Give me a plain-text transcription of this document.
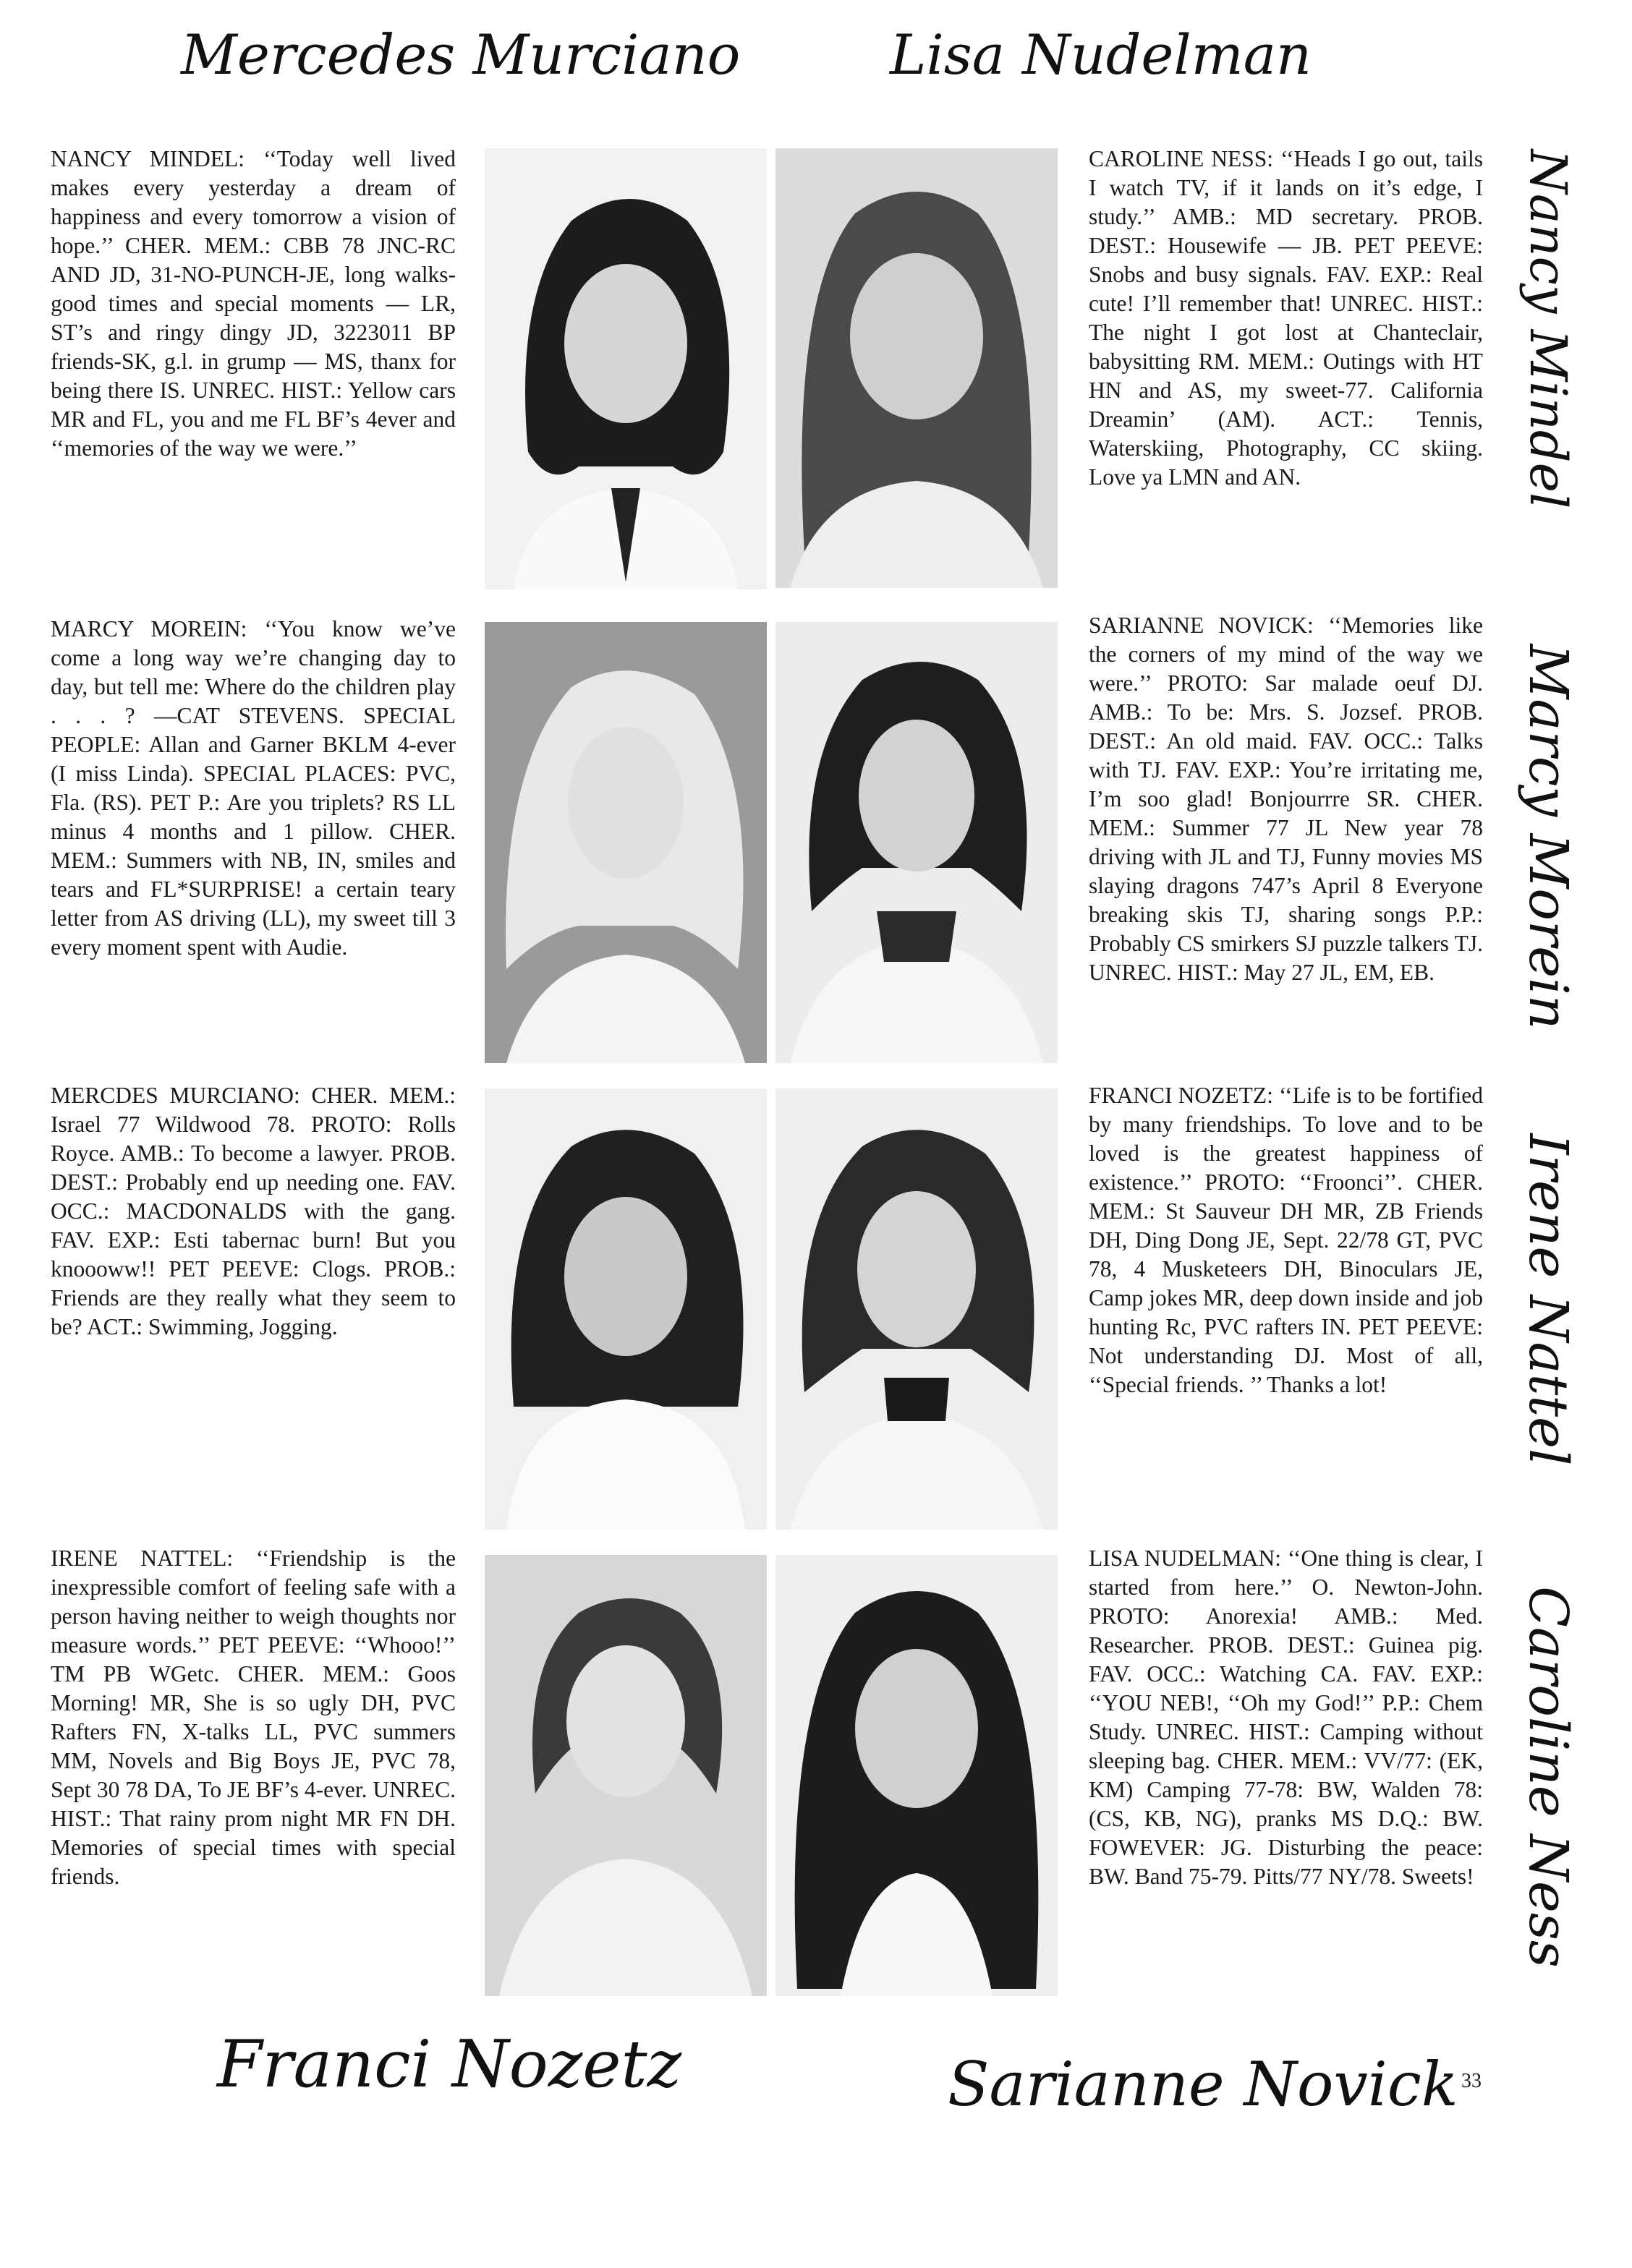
Mercedes Murciano	Lisa Nudelman
Franci Nozetz	Sarianne Novick
Nancy Mindel
Marcy Morein
Irene Nattel
Caroline Ness

NANCY MINDEL: ‘‘Today well lived makes every yesterday a dream of happiness and every tomorrow a vision of hope.’’ CHER. MEM.: CBB 78 JNC-RC AND JD, 31-NO-PUNCH-JE, long walks-good times and special moments — LR, ST’s and ringy dingy JD, 3223011 BP friends-SK, g.l. in grump — MS, thanx for being there IS. UNREC. HIST.: Yellow cars MR and FL, you and me FL BF’s 4ever and ‘‘memories of the way we were.’’

CAROLINE NESS: ‘‘Heads I go out, tails I watch TV, if it lands on it’s edge, I study.’’ AMB.: MD secretary. PROB. DEST.: Housewife — JB. PET PEEVE: Snobs and busy signals. FAV. EXP.: Real cute! I’ll remember that! UNREC. HIST.: The night I got lost at Chanteclair, babysitting RM. MEM.: Outings with HT HN and AS, my sweet-77. California Dreamin’ (AM). ACT.: Tennis, Waterskiing, Photography, CC skiing. Love ya LMN and AN.

MARCY MOREIN: ‘‘You know we’ve come a long way we’re changing day to day, but tell me: Where do the children play . . . ? —CAT STEVENS. SPECIAL PEOPLE: Allan and Garner BKLM 4-ever (I miss Linda). SPECIAL PLACES: PVC, Fla. (RS). PET P.: Are you triplets? RS LL minus 4 months and 1 pillow. CHER. MEM.: Summers with NB, IN, smiles and tears and FL*SURPRISE! a certain teary letter from AS driving (LL), my sweet till 3 every moment spent with Audie.

SARIANNE NOVICK: ‘‘Memories like the corners of my mind of the way we were.’’ PROTO: Sar malade oeuf DJ. AMB.: To be: Mrs. S. Jozsef. PROB. DEST.: An old maid. FAV. OCC.: Talks with TJ. FAV. EXP.: You’re irritating me, I’m soo glad! Bonjourrre SR. CHER. MEM.: Summer 77 JL New year 78 driving with JL and TJ, Funny movies MS slaying dragons 747’s April 8 Everyone breaking skis TJ, sharing songs P.P.: Probably CS smirkers SJ puzzle talkers TJ. UNREC. HIST.: May 27 JL, EM, EB.

MERCDES MURCIANO: CHER. MEM.: Israel 77 Wildwood 78. PROTO: Rolls Royce. AMB.: To become a lawyer. PROB. DEST.: Probably end up needing one. FAV. OCC.: MACDONALDS with the gang. FAV. EXP.: Esti tabernac burn! But you knoooww!! PET PEEVE: Clogs. PROB.: Friends are they really what they seem to be? ACT.: Swimming, Jogging.

FRANCI NOZETZ: ‘‘Life is to be fortified by many friendships. To love and to be loved is the greatest happiness of existence.’’ PROTO: ‘‘Froonci’’. CHER. MEM.: St Sauveur DH MR, ZB Friends DH, Ding Dong JE, Sept. 22/78 GT, PVC 78, 4 Musketeers DH, Binoculars JE, Camp jokes MR, deep down inside and job hunting Rc, PVC rafters IN. PET PEEVE: Not understanding DJ. Most of all, ‘‘Special friends. ’’ Thanks a lot!

IRENE NATTEL: ‘‘Friendship is the inexpressible comfort of feeling safe with a person having neither to weigh thoughts nor measure words.’’ PET PEEVE: ‘‘Whooo!’’ TM PB WGetc. CHER. MEM.: Goos Morning! MR, She is so ugly DH, PVC Rafters FN, X-talks LL, PVC summers MM, Novels and Big Boys JE, PVC 78, Sept 30 78 DA, To JE BF’s 4-ever. UNREC. HIST.: That rainy prom night MR FN DH. Memories of special times with special friends.

LISA NUDELMAN: ‘‘One thing is clear, I started from here.’’ O. Newton-John. PROTO: Anorexia! AMB.: Med. Researcher. PROB. DEST.: Guinea pig. FAV. OCC.: Watching CA. FAV. EXP.: ‘‘YOU NEB!, ‘‘Oh my God!’’ P.P.: Chem Study. UNREC. HIST.: Camping without sleeping bag. CHER. MEM.: VV/77: (EK, KM) Camping 77-78: BW, Walden 78: (CS, KB, NG), pranks MS D.Q.: BW. FOWEVER: JG. Disturbing the peace: BW. Band 75-79. Pitts/77 NY/78. Sweets!

33
